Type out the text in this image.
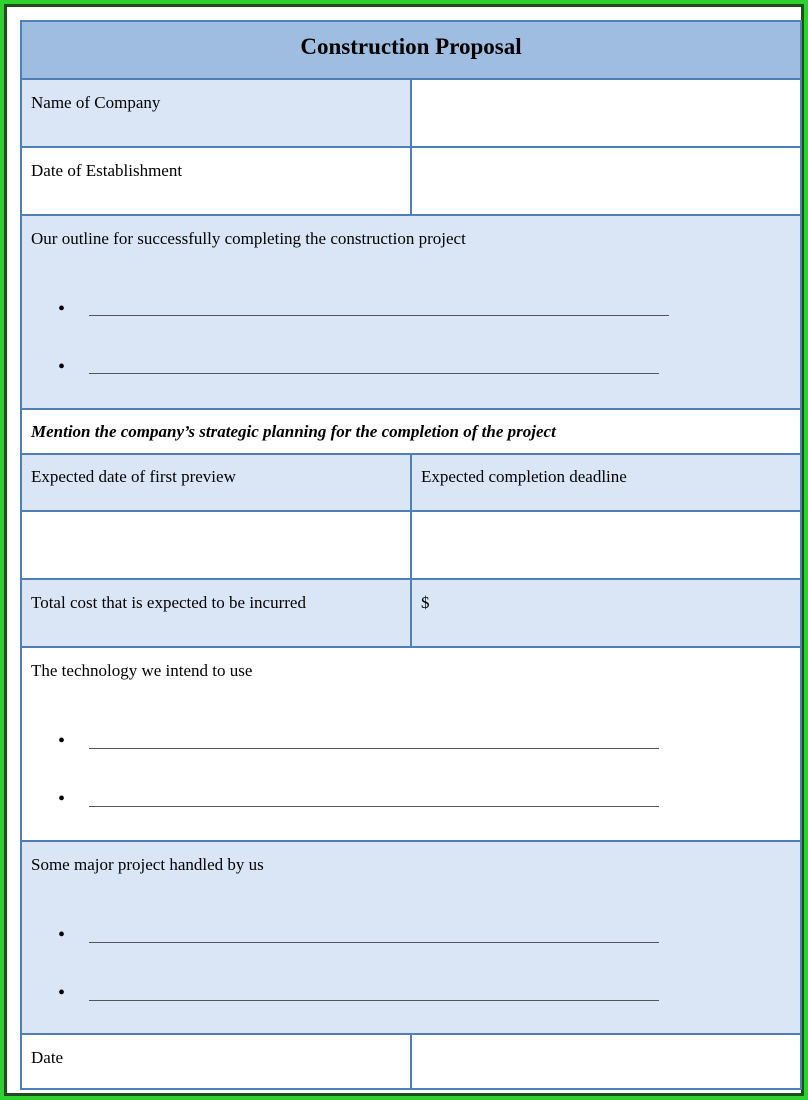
Construction Proposal
Name of Company
Date of Establishment
Our outline for successfully completing the construction project
•
•
Mention the company’s strategic planning for the completion of the project
Expected date of first preview	Expected completion deadline
Total cost that is expected to be incurred	$
The technology we intend to use
•
•
Some major project handled by us
•
•
Date
